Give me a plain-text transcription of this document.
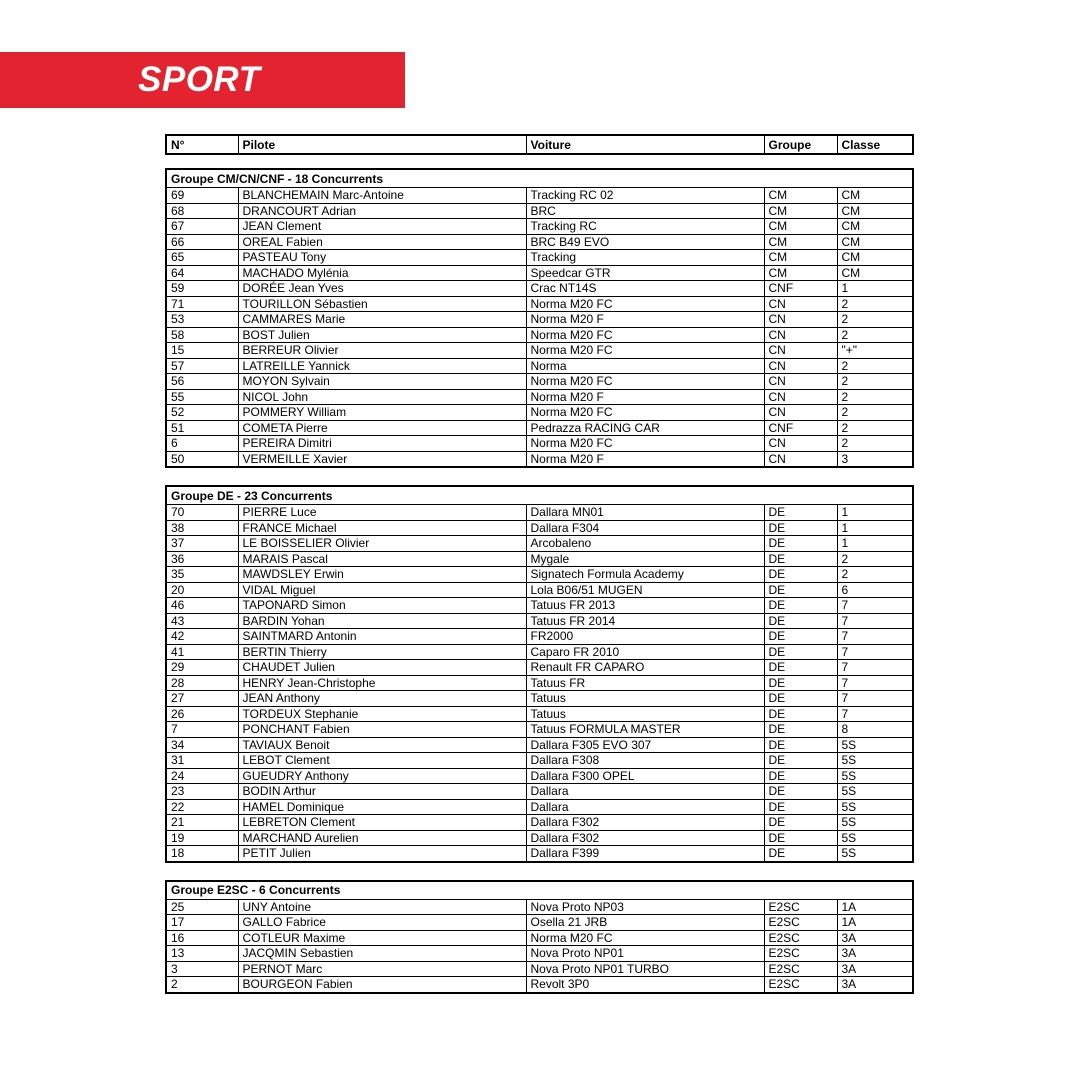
SPORT
N°	Pilote	Voiture	Groupe	Classe
Groupe CM/CN/CNF - 18 Concurrents				
69	BLANCHEMAIN Marc-Antoine	Tracking RC 02	CM	CM
68	DRANCOURT Adrian	BRC	CM	CM
67	JEAN Clement	Tracking RC	CM	CM
66	OREAL Fabien	BRC B49 EVO	CM	CM
65	PASTEAU Tony	Tracking	CM	CM
64	MACHADO Mylénia	Speedcar GTR	CM	CM
59	DORÉE Jean Yves	Crac NT14S	CNF	1
71	TOURILLON Sébastien	Norma M20 FC	CN	2
53	CAMMARES Marie	Norma M20 F	CN	2
58	BOST Julien	Norma M20 FC	CN	2
15	BERREUR Olivier	Norma M20 FC	CN	"+"
57	LATREILLE Yannick	Norma	CN	2
56	MOYON Sylvain	Norma M20 FC	CN	2
55	NICOL John	Norma M20 F	CN	2
52	POMMERY William	Norma M20 FC	CN	2
51	COMETA Pierre	Pedrazza RACING CAR	CNF	2
6	PEREIRA Dimitri	Norma M20 FC	CN	2
50	VERMEILLE Xavier	Norma M20 F	CN	3
Groupe DE - 23 Concurrents				
70	PIERRE Luce	Dallara MN01	DE	1
38	FRANCE Michael	Dallara F304	DE	1
37	LE BOISSELIER Olivier	Arcobaleno	DE	1
36	MARAIS Pascal	Mygale	DE	2
35	MAWDSLEY Erwin	Signatech Formula Academy	DE	2
20	VIDAL Miguel	Lola B06/51 MUGEN	DE	6
46	TAPONARD Simon	Tatuus FR 2013	DE	7
43	BARDIN Yohan	Tatuus FR 2014	DE	7
42	SAINTMARD Antonin	FR2000	DE	7
41	BERTIN Thierry	Caparo FR 2010	DE	7
29	CHAUDET Julien	Renault FR CAPARO	DE	7
28	HENRY Jean-Christophe	Tatuus FR	DE	7
27	JEAN Anthony	Tatuus	DE	7
26	TORDEUX Stephanie	Tatuus	DE	7
7	PONCHANT Fabien	Tatuus FORMULA MASTER	DE	8
34	TAVIAUX Benoit	Dallara F305 EVO 307	DE	5S
31	LEBOT Clement	Dallara F308	DE	5S
24	GUEUDRY Anthony	Dallara F300 OPEL	DE	5S
23	BODIN Arthur	Dallara	DE	5S
22	HAMEL Dominique	Dallara	DE	5S
21	LEBRETON Clement	Dallara F302	DE	5S
19	MARCHAND Aurelien	Dallara F302	DE	5S
18	PETIT Julien	Dallara F399	DE	5S
Groupe E2SC - 6 Concurrents				
25	UNY Antoine	Nova Proto NP03	E2SC	1A
17	GALLO Fabrice	Osella 21 JRB	E2SC	1A
16	COTLEUR Maxime	Norma M20 FC	E2SC	3A
13	JACQMIN Sebastien	Nova Proto NP01	E2SC	3A
3	PERNOT Marc	Nova Proto NP01 TURBO	E2SC	3A
2	BOURGEON Fabien	Revolt 3P0	E2SC	3A
